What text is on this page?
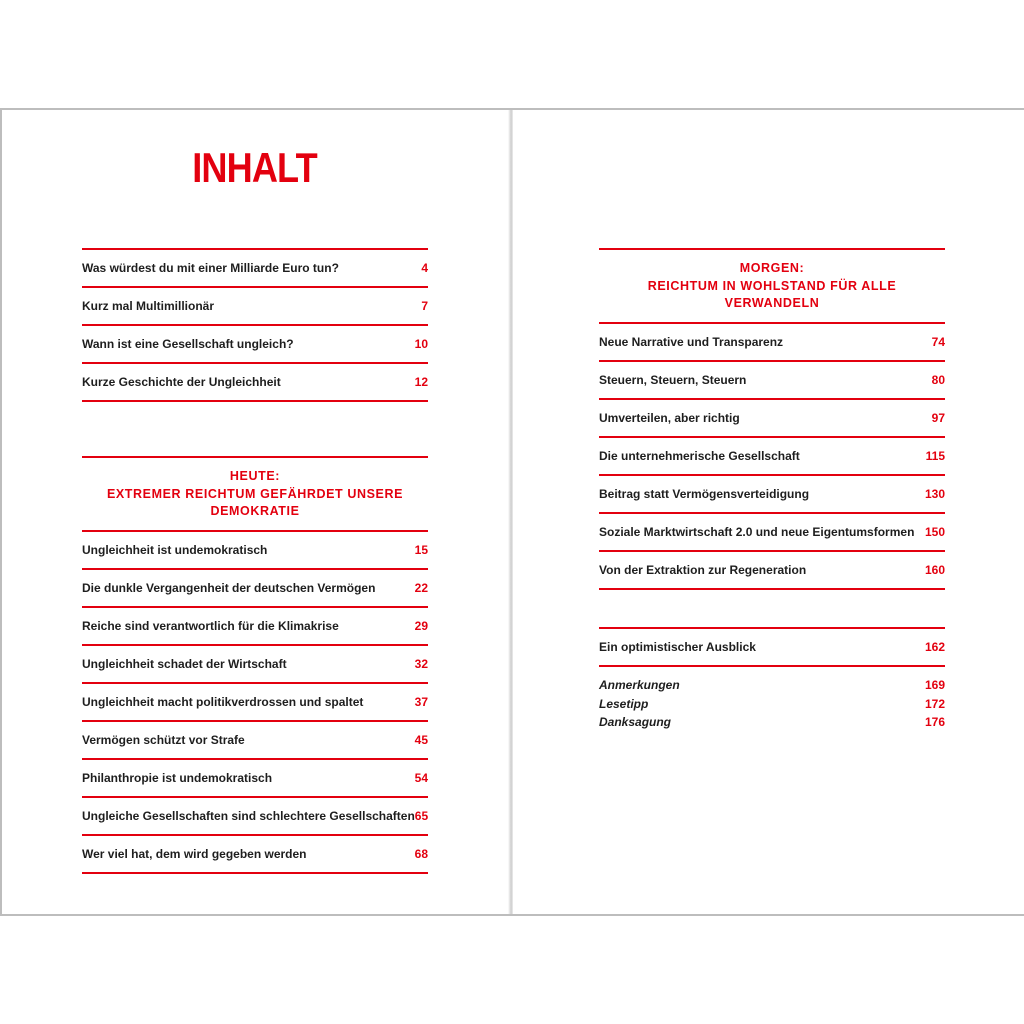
INHALT
Was würdest du mit einer Milliarde Euro tun?	4
Kurz mal Multimillionär	7
Wann ist eine Gesellschaft ungleich?	10
Kurze Geschichte der Ungleichheit	12
HEUTE:
EXTREMER REICHTUM GEFÄHRDET UNSERE DEMOKRATIE
Ungleichheit ist undemokratisch	15
Die dunkle Vergangenheit der deutschen Vermögen	22
Reiche sind verantwortlich für die Klimakrise	29
Ungleichheit schadet der Wirtschaft	32
Ungleichheit macht politikverdrossen und spaltet	37
Vermögen schützt vor Strafe	45
Philanthropie ist undemokratisch	54
Ungleiche Gesellschaften sind schlechtere Gesellschaften 65
Wer viel hat, dem wird gegeben werden	68
MORGEN:
REICHTUM IN WOHLSTAND FÜR ALLE VERWANDELN
Neue Narrative und Transparenz	74
Steuern, Steuern, Steuern	80
Umverteilen, aber richtig	97
Die unternehmerische Gesellschaft	115
Beitrag statt Vermögensverteidigung	130
Soziale Marktwirtschaft 2.0 und neue Eigentumsformen 150
Von der Extraktion zur Regeneration	160
Ein optimistischer Ausblick	162
Anmerkungen	169
Lesetipp	172
Danksagung	176
